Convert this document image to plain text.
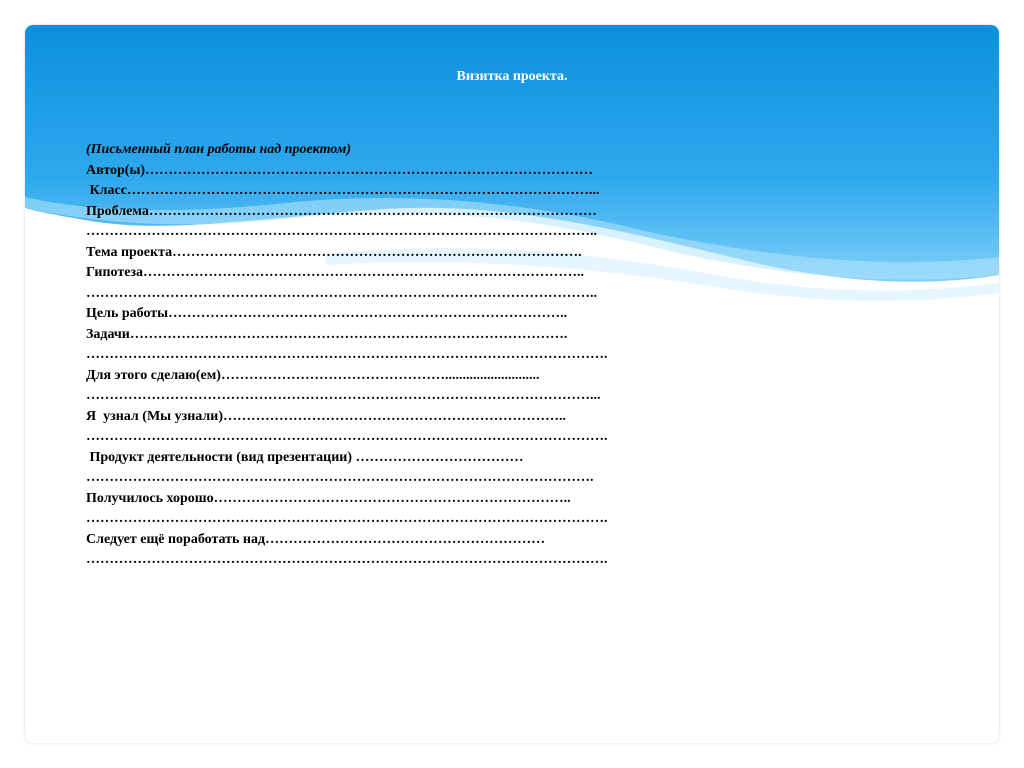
Визитка проекта.
(Письменный план работы над проектом)
Автор(ы)……………………………………………………………………………………
Класс………………………………………………………………………………………...
Проблема……………………………………………………………………………………
………………………………………………………………………………………………..
Тема проекта…………………………………………………………………………….
Гипотеза…………………………………………………………………………………..
………………………………………………………………………………………………..
Цель работы…………………………………………………………………………..
Задачи………………………………………………………………………………….
………………………………………………………………………………………………….
Для этого сделаю(ем)…………………………………………...........................
………………………………………………………………………………………………...
Я  узнал (Мы узнали)………………………………………………………………..
………………………………………………………………………………………………….
Продукт деятельности (вид презентации) ………………………………
……………………………………………………………………………………………….
Получилось хорошо…………………………………………………………………..
………………………………………………………………………………………………….
Следует ещё поработать над……………………………………………………
………………………………………………………………………………………………….
